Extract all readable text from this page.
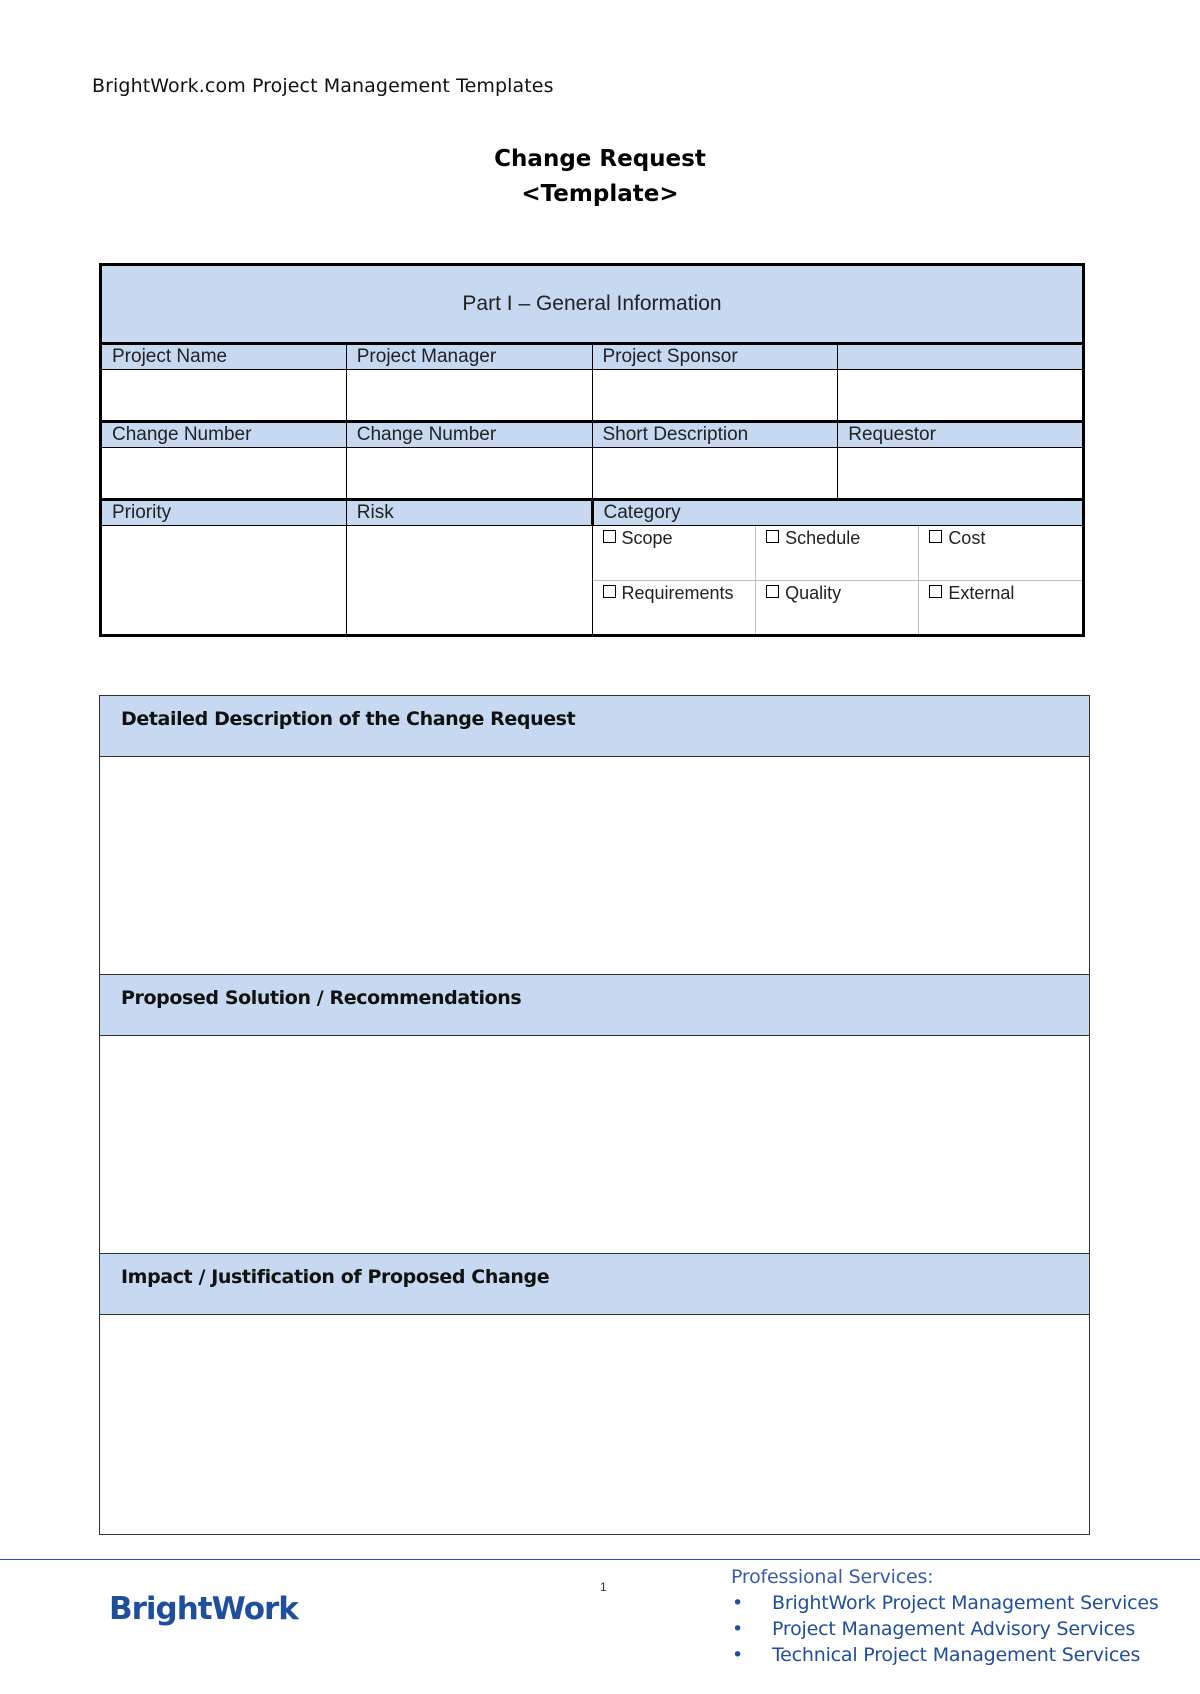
BrightWork.com Project Management Templates
Change Request
<Template>
Part I – General Information
Project Name	Project Manager	Project Sponsor	

Change Number	Change Number	Short Description	Requestor

Priority	Risk	Category

Scope	Schedule	Cost
Requirements	Quality	External
Detailed Description of the Change Request
Proposed Solution / Recommendations
Impact / Justification of Proposed Change
BrightWork
1	Professional Services:
• BrightWork Project Management Services
• Project Management Advisory Services
• Technical Project Management Services
